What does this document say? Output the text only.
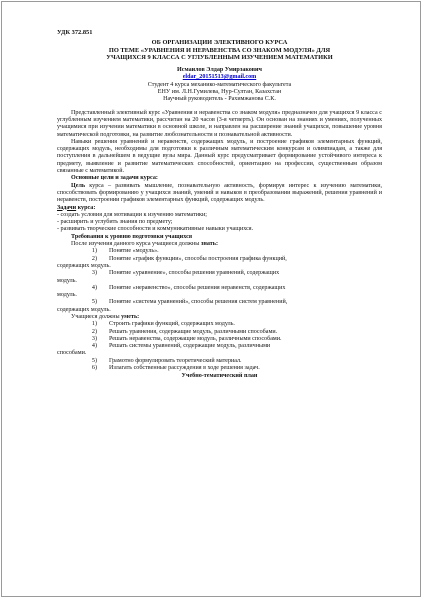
УДК 372.851
ОБ ОРГАНИЗАЦИИ ЭЛЕКТИВНОГО КУРСА
ПО ТЕМЕ «УРАВНЕНИЯ И НЕРАВЕНСТВА СО ЗНАКОМ МОДУЛЯ» ДЛЯ
УЧАЩИХСЯ 9 КЛАССА С УГЛУБЛЕННЫМ ИЗУЧЕНИЕМ МАТЕМАТИКИ
Исмаилов Элдар Умирзакович
eldar_20151513@gmail.com
Студент 4 курса механико-математического факультета
ЕНУ им. Л.Н.Гумилева, Нур-Султан, Казахстан
Научный руководитель - Рахимжанова С.К.

Представленный элективный курс «Уравнения и неравенства со знаком модуля» предназначен для учащихся 9 класса с углубленным изучением математики, рассчитан на 20 часов (3-я четверть). Он основан на знаниях и умениях, полученных учащимися при изучении математики в основной школе, и направлен на расширение знаний учащихся, повышение уровня математической подготовки, на развитие любознательности и познавательной активности.

Навыки решения уравнений и неравенств, содержащих модуль, и построение графиков элементарных функций, содержащих модуль, необходимы для подготовки к различным математическим конкурсам и олимпиадам, а также для поступления в дальнейшем в ведущие вузы мира. Данный курс предусматривает формирование устойчивого интереса к предмету, выявление и развитие математических способностей, ориентацию на профессии, существенным образом связанные с математикой.

Основные цели и задачи курса:

Цель курса – развивать мышление, познавательную активность, формируя интерес к изучению математики, способствовать формированию у учащихся знаний, умений и навыков в преобразовании выражений, решения уравнений и неравенств, построении графиков элементарных функций, содержащих модуль.

Задачи курса:
- создать условия для мотивации к изучению математики;
- расширить и углубить знания по предмету;
- развивать творческие способности и коммуникативные навыки учащихся.
Требования к уровню подготовки учащихся
После изучения данного курса учащиеся должны знать:
1)	Понятие «модуль».
2)	Понятие «график функции», способы построения графика функций,
содержащих модуль.
3)	Понятие «уравнение», способы решения уравнений, содержащих
модуль.
4)	Понятие «неравенство», способы решения неравенств, содержащих
модуль.
5)	Понятие «система уравнений», способы решения систем уравнений,
содержащих модуль.
Учащиеся должны уметь:
1)	Строить графики функций, содержащих модуль.
2)	Решать уравнения, содержащие модуль, различными способами.
3)	Решать неравенства, содержащие модуль, различными способами.
4)	Решать системы уравнений, содержащие модуль, различными
способами.
5)	Грамотно формулировать теоретический материал.
6)	Излагать собственные рассуждения в ходе решения задач.
Учебно-тематический план
